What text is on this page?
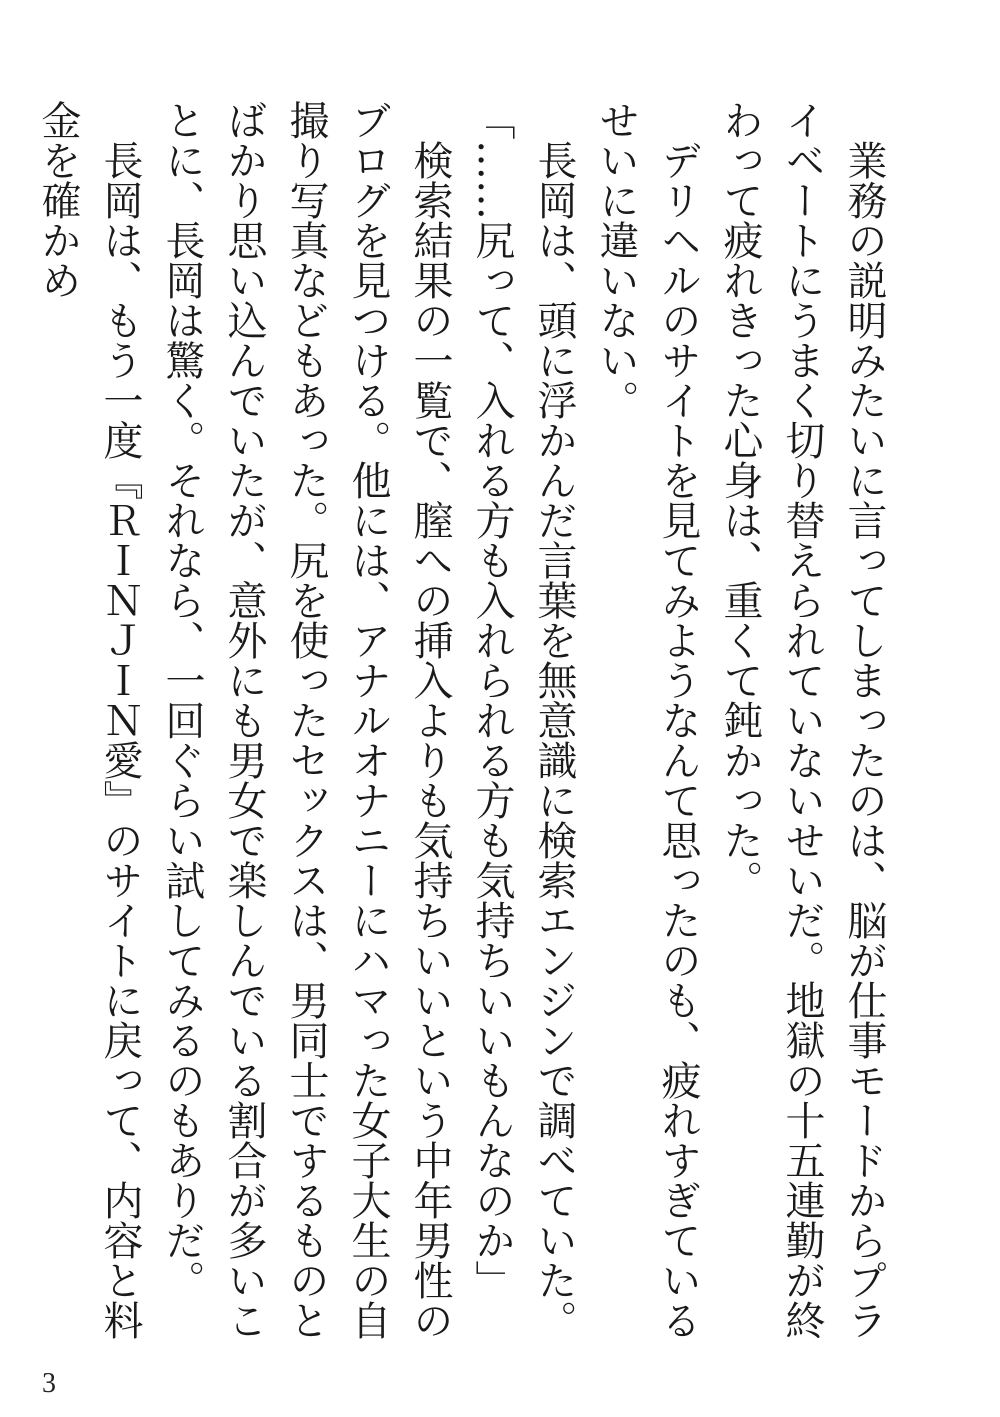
業務の説明みたいに言ってしまったのは、脳が仕事モードからプライベートにうまく切り替えられていないせいだ。地獄の十五連勤が終わって疲れきった心身は、重くて鈍かった。

デリヘルのサイトを見てみようなんて思ったのも、疲れすぎているせいに違いない。

長岡は、頭に浮かんだ言葉を無意識に検索エンジンで調べていた。

「……尻って、入れる方も入れられる方も気持ちいいもんなのか」

検索結果の一覧で、膣への挿入よりも気持ちいいという中年男性のブログを見つける。他には、アナルオナニーにハマった女子大生の自撮り写真などもあった。尻を使ったセックスは、男同士でするものとばかり思い込んでいたが、意外にも男女で楽しんでいる割合が多いことに、長岡は驚く。それなら、一回ぐらい試してみるのもありだ。

長岡は、もう一度『ＲＩＮＪＩＮ愛』のサイトに戻って、内容と料金を確かめ

3
